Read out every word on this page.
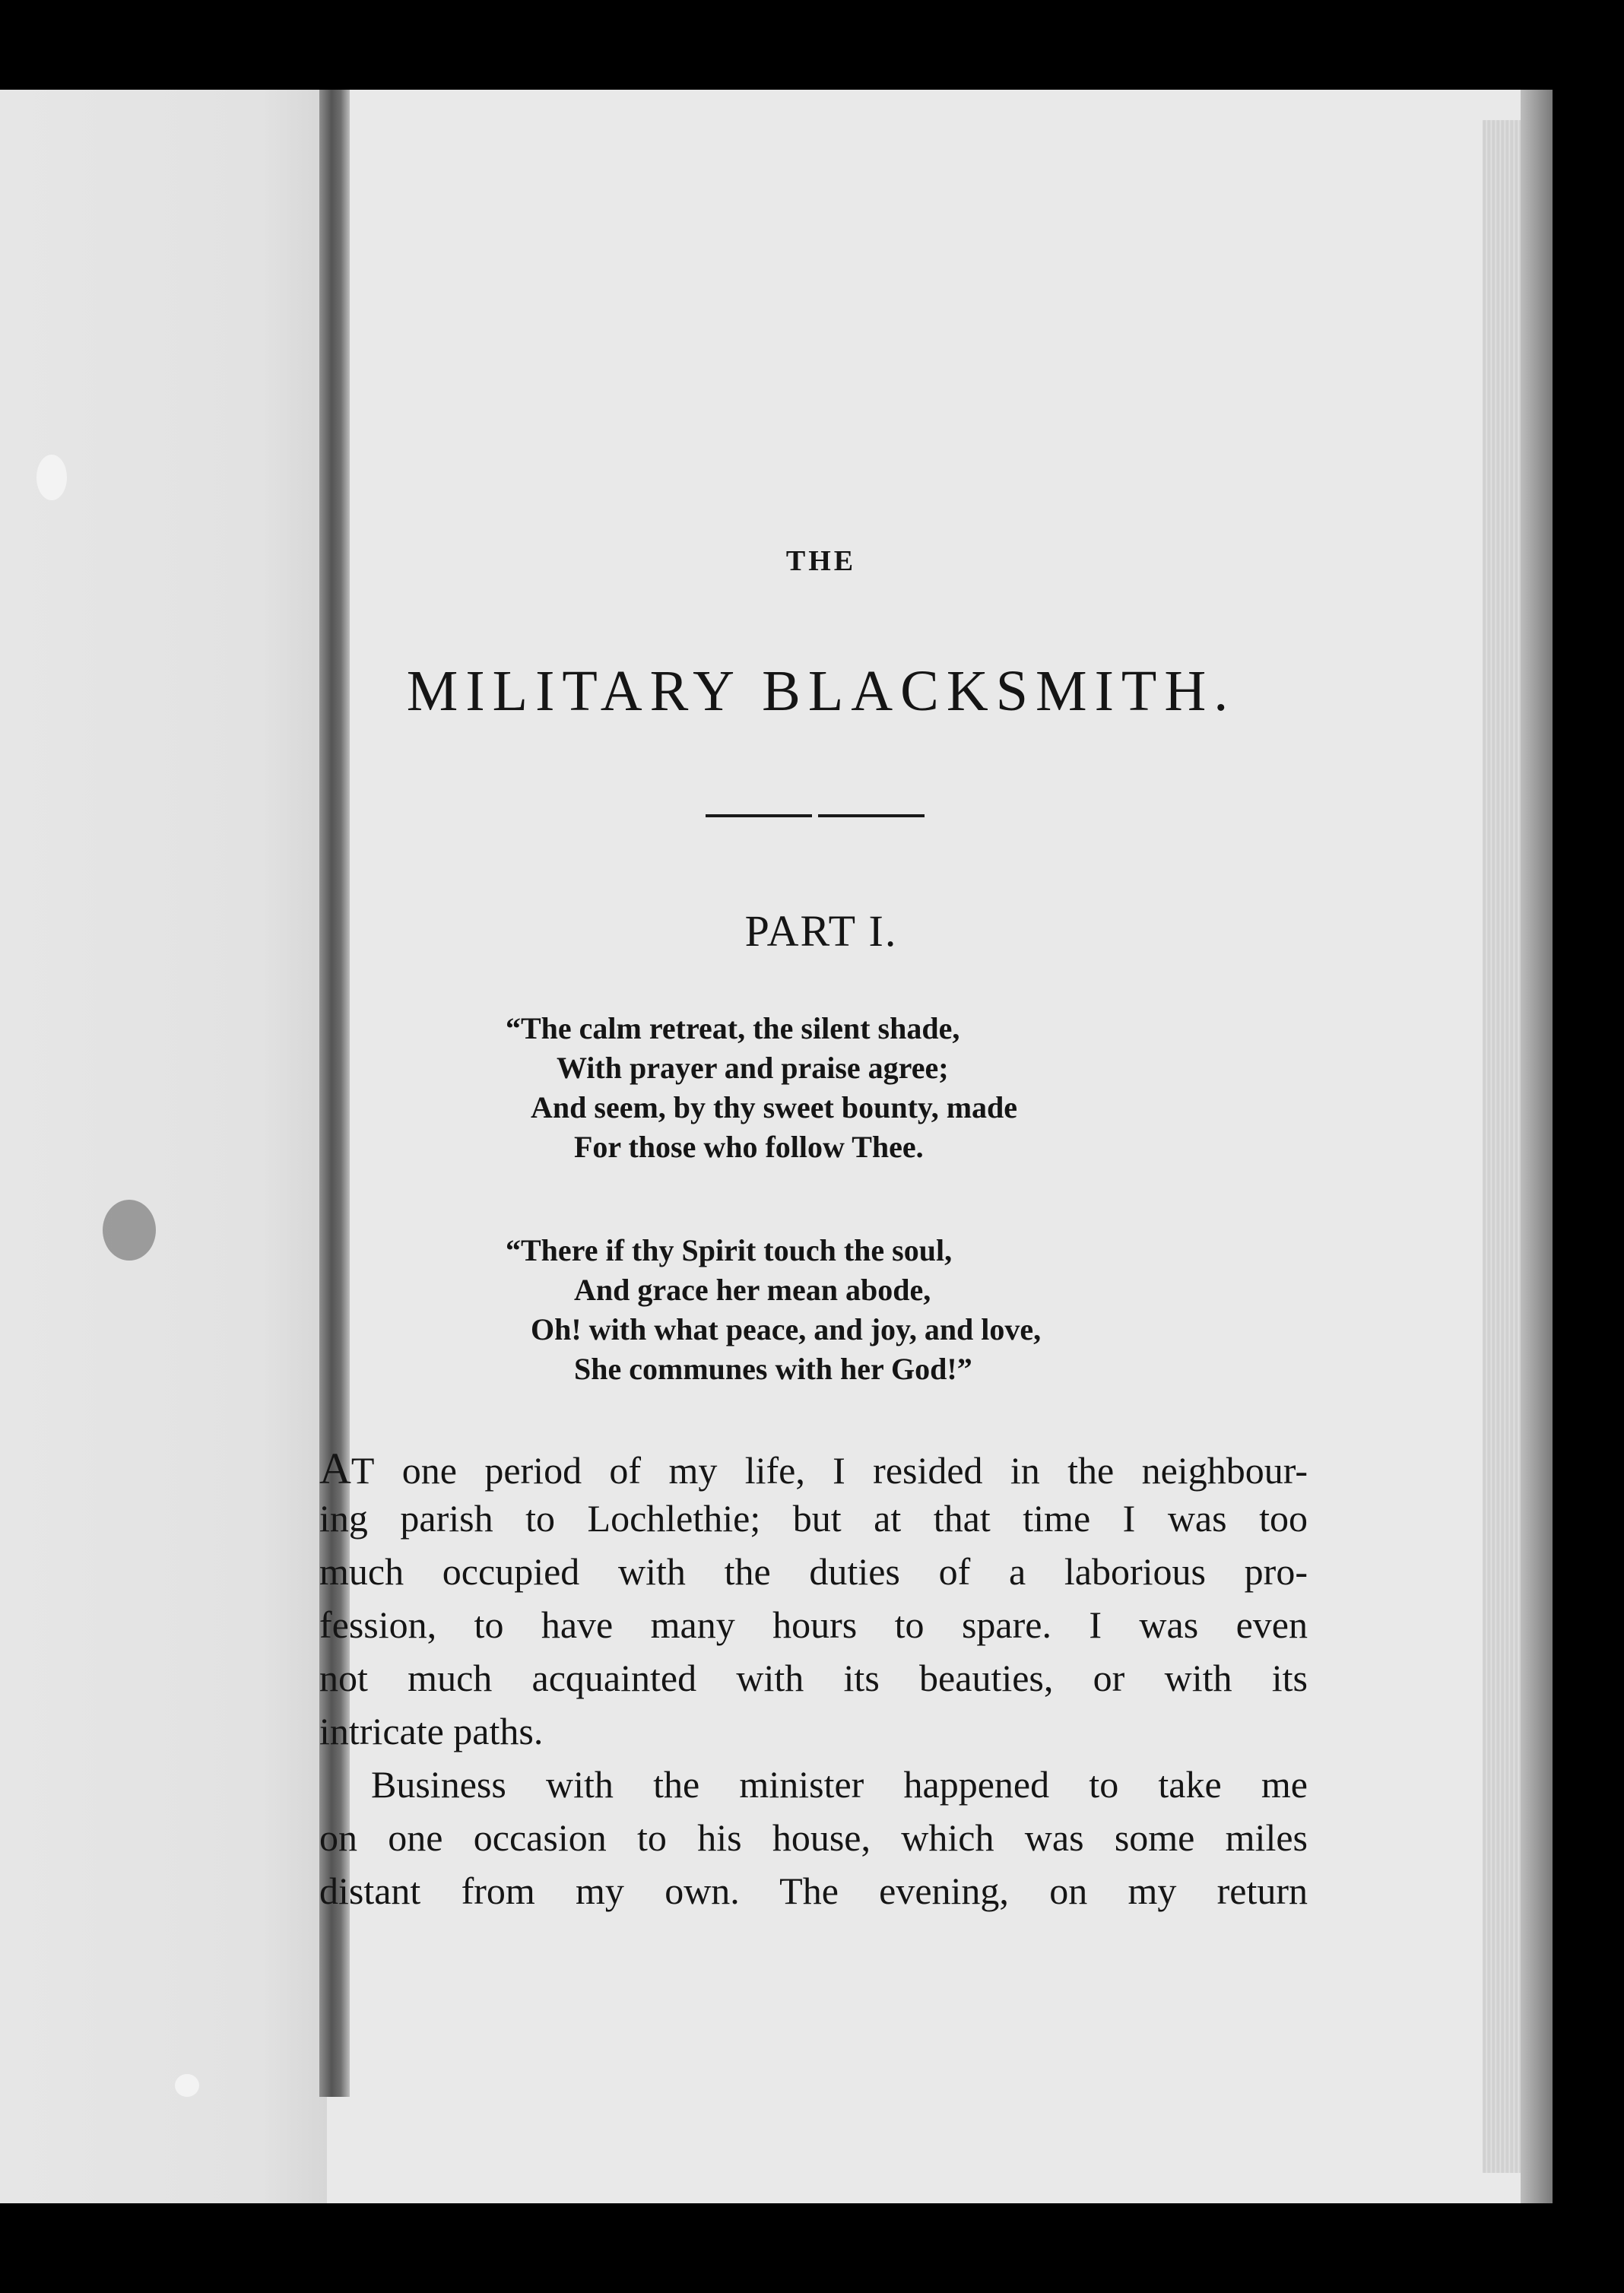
THE
MILITARY BLACKSMITH.
PART I.
“The calm retreat, the silent shade,
With prayer and praise agree;
And seem, by thy sweet bounty, made
For those who follow Thee.
“There if thy Spirit touch the soul,
And grace her mean abode,
Oh! with what peace, and joy, and love,
She communes with her God!”
AT one period of my life, I resided in the neighbour-
ing parish to Lochlethie; but at that time I was too
much occupied with the duties of a laborious pro-
fession, to have many hours to spare. I was even
not much acquainted with its beauties, or with its
intricate paths.
Business with the minister happened to take me
on one occasion to his house, which was some miles
distant from my own. The evening, on my return
